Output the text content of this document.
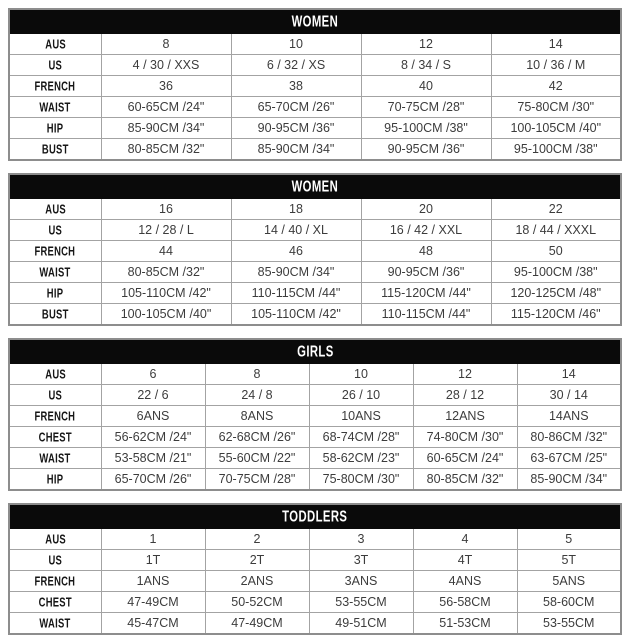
WOMEN				
AUS	8	10	12	14
US	4 / 30 / XXS	6 / 32 / XS	8 / 34 / S	10 / 36 / M
FRENCH	36	38	40	42
WAIST	60-65CM /24"	65-70CM /26"	70-75CM /28"	75-80CM /30"
HIP	85-90CM /34"	90-95CM /36"	95-100CM /38"	100-105CM /40"
BUST	80-85CM /32"	85-90CM /34"	90-95CM /36"	95-100CM /38"
WOMEN				
AUS	16	18	20	22
US	12 / 28 / L	14 / 40 / XL	16 / 42 / XXL	18 / 44 / XXXL
FRENCH	44	46	48	50
WAIST	80-85CM /32"	85-90CM /34"	90-95CM /36"	95-100CM /38"
HIP	105-110CM /42"	110-115CM /44"	115-120CM /44"	120-125CM /48"
BUST	100-105CM /40"	105-110CM /42"	110-115CM /44"	115-120CM /46"
GIRLS					
AUS	6	8	10	12	14
US	22 / 6	24 / 8	26 / 10	28 / 12	30 / 14
FRENCH	6ANS	8ANS	10ANS	12ANS	14ANS
CHEST	56-62CM /24"	62-68CM /26"	68-74CM /28"	74-80CM /30"	80-86CM /32"
WAIST	53-58CM /21"	55-60CM /22"	58-62CM /23"	60-65CM /24"	63-67CM /25"
HIP	65-70CM /26"	70-75CM /28"	75-80CM /30"	80-85CM /32"	85-90CM /34"
TODDLERS					
AUS	1	2	3	4	5
US	1T	2T	3T	4T	5T
FRENCH	1ANS	2ANS	3ANS	4ANS	5ANS
CHEST	47-49CM	50-52CM	53-55CM	56-58CM	58-60CM
WAIST	45-47CM	47-49CM	49-51CM	51-53CM	53-55CM
